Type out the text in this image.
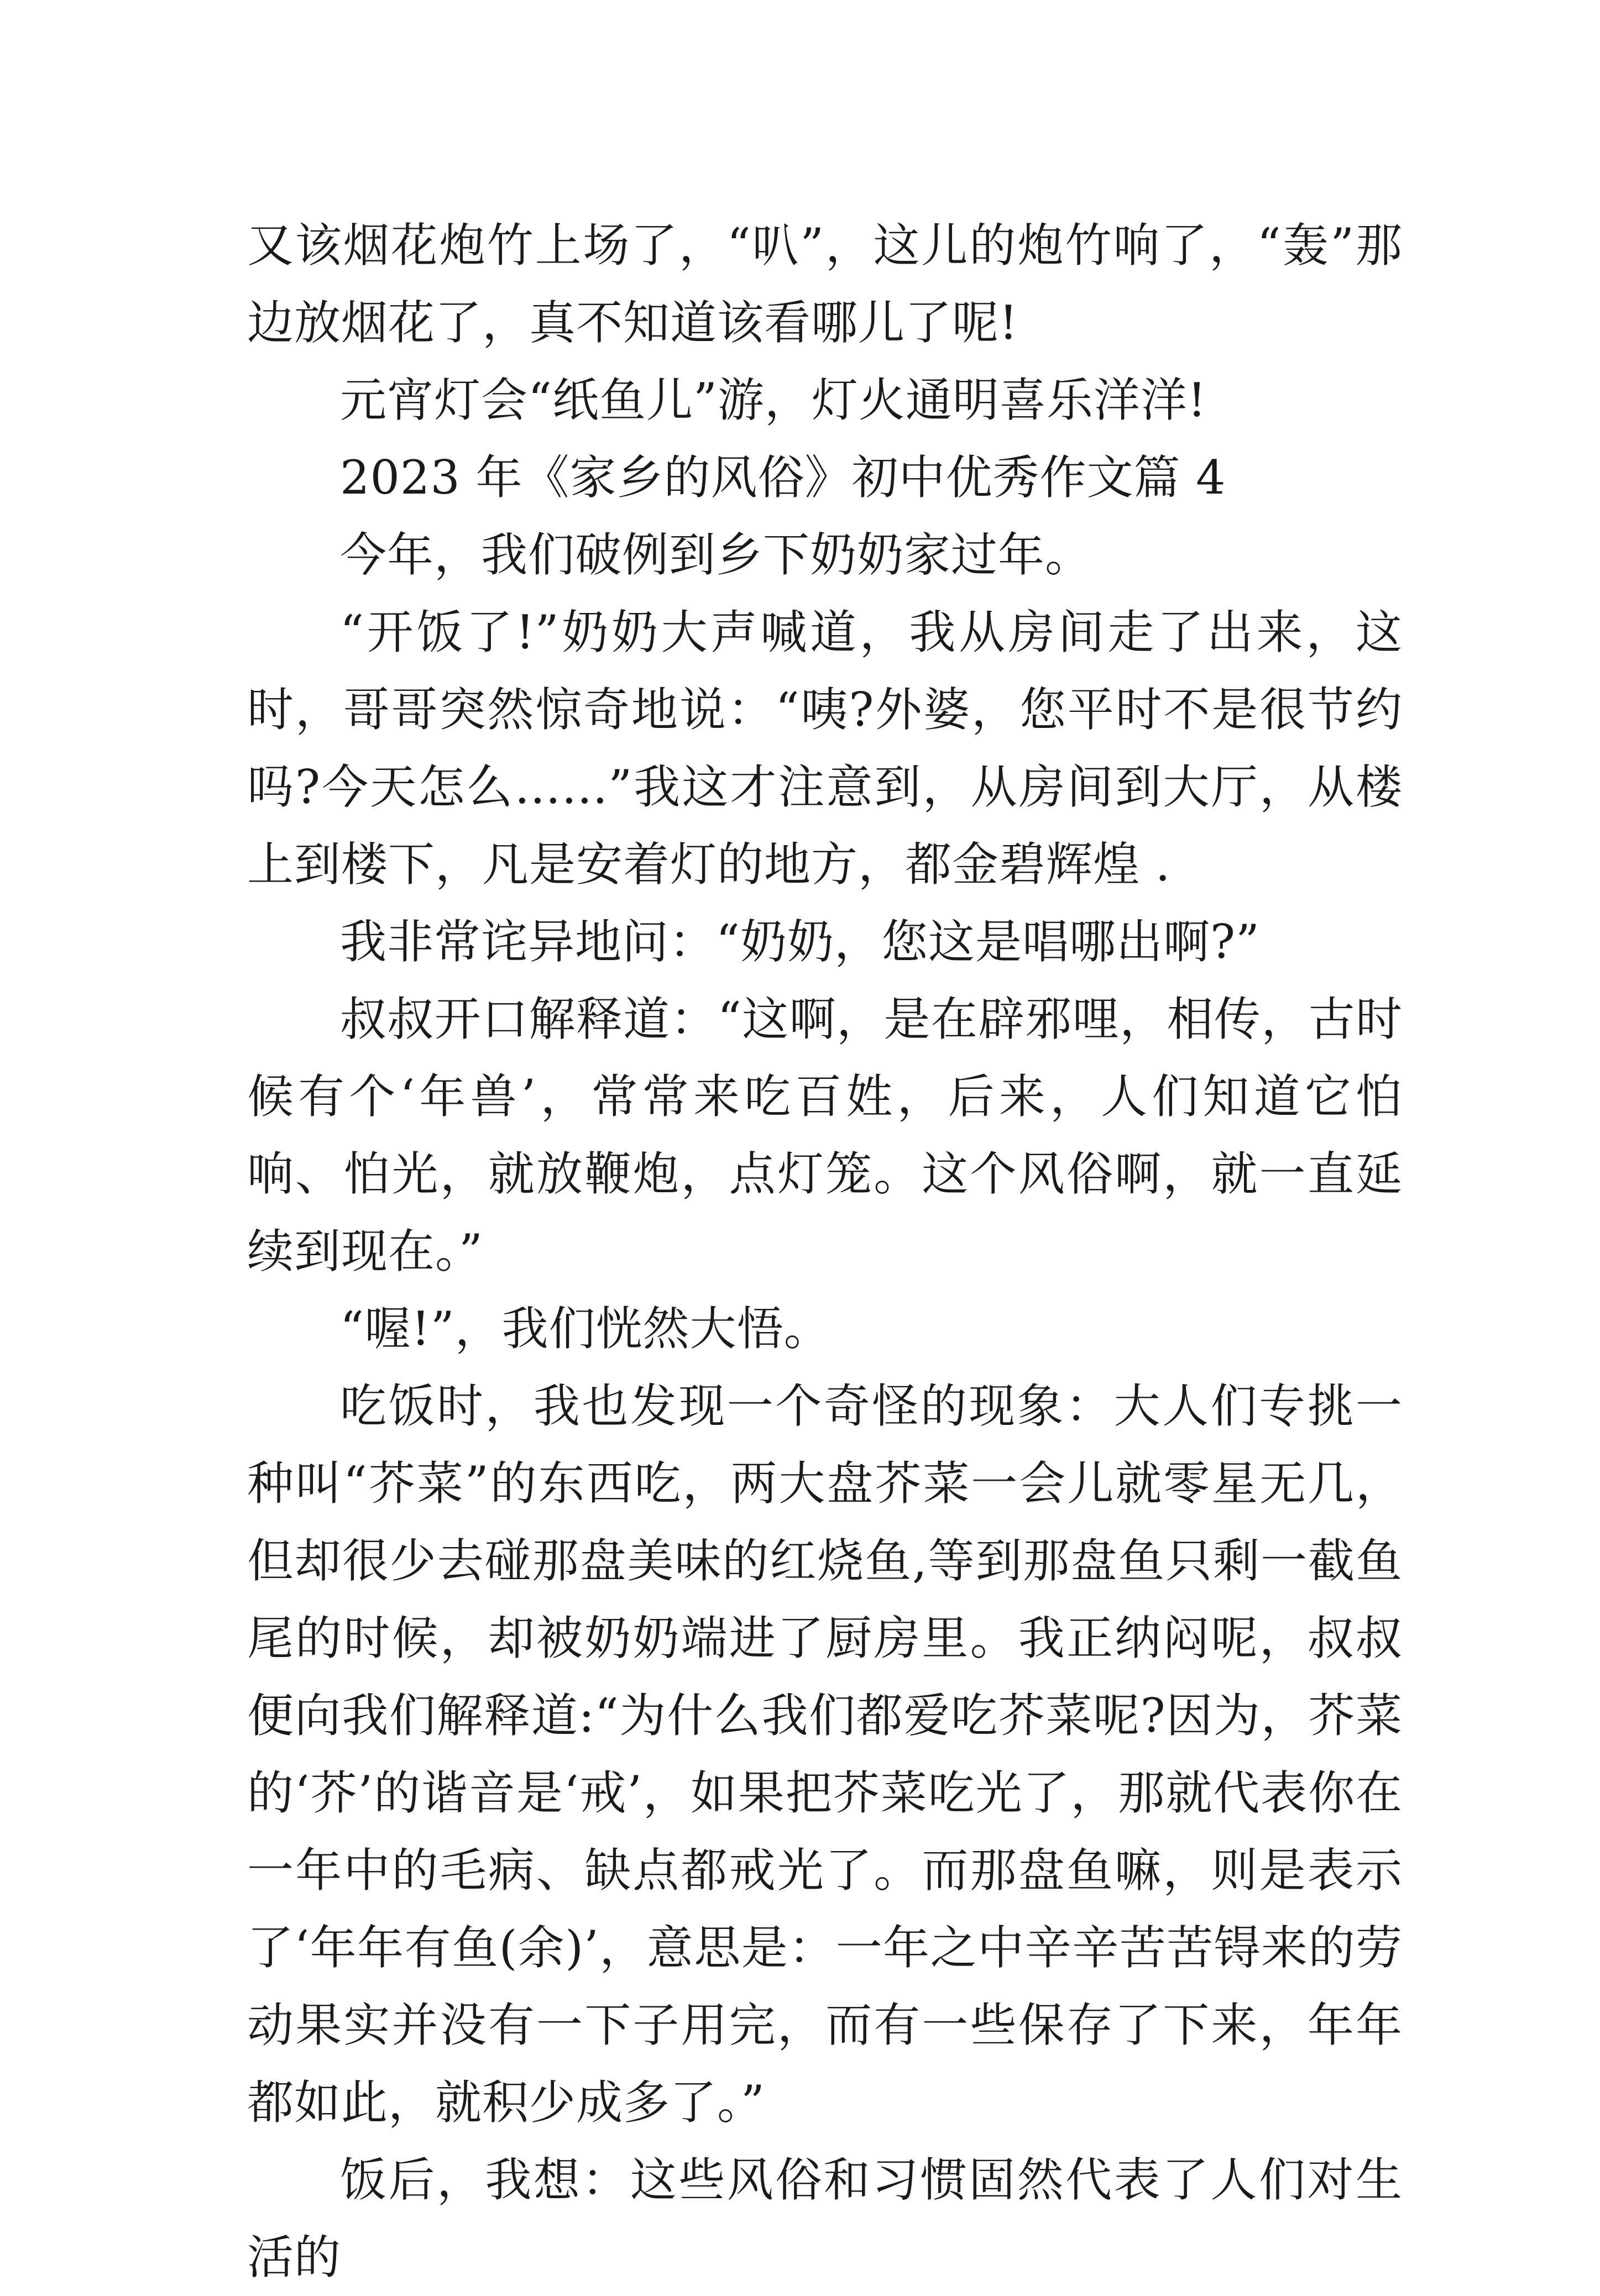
又该烟花炮竹上场了，“叭”，这儿的炮竹响了，“轰”那边放烟花了，真不知道该看哪儿了呢!

元宵灯会“纸鱼儿”游，灯火通明喜乐洋洋!

2023 年《家乡的风俗》初中优秀作文篇 4

今年，我们破例到乡下奶奶家过年。

“开饭了!”奶奶大声喊道，我从房间走了出来，这时，哥哥突然惊奇地说：“咦?外婆，您平时不是很节约吗?今天怎么……”我这才注意到，从房间到大厅，从楼上到楼下，凡是安着灯的地方，都金碧辉煌 .

我非常诧异地问：“奶奶，您这是唱哪出啊?”

叔叔开口解释道：“这啊，是在辟邪哩，相传，古时候有个‘年兽’，常常来吃百姓，后来，人们知道它怕响、怕光，就放鞭炮，点灯笼。这个风俗啊，就一直延续到现在。”

“喔!”，我们恍然大悟。

吃饭时，我也发现一个奇怪的现象：大人们专挑一种叫“芥菜”的东西吃，两大盘芥菜一会儿就零星无几，但却很少去碰那盘美味的红烧鱼,等到那盘鱼只剩一截鱼尾的时候，却被奶奶端进了厨房里。我正纳闷呢，叔叔便向我们解释道:“为什么我们都爱吃芥菜呢?因为，芥菜的‘芥’的谐音是‘戒’，如果把芥菜吃光了，那就代表你在一年中的毛病、缺点都戒光了。而那盘鱼嘛，则是表示了‘年年有鱼(余)’，意思是：一年之中辛辛苦苦锝来的劳动果实并没有一下子用完，而有一些保存了下来，年年都如此，就积少成多了。”

饭后，我想：这些风俗和习惯固然代表了人们对生活的
